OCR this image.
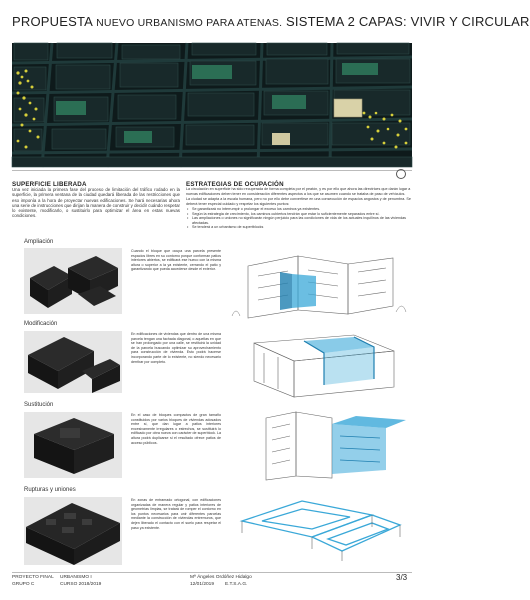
PROPUESTA NUEVO URBANISMO PARA ATENAS. SISTEMA 2 CAPAS: VIVIR Y CIRCULAR
SUPERFICIE LIBERADA
Una vez iniciada la primera fase del proceso de limitación del tráfico rodado en la superficie, la primera ventana de la ciudad quedará liberada de las restricciones que eso imponía a la hora de proyectar nuevas edificaciones. Se hará necesarias ahora una serie de instrucciones que dirijan la manera de construir y decidir cuándo respetar lo existente, modificarlo, o sustituirlo para optimizar el área en estas nuevas condiciones.
ESTRATEGIAS DE OCUPACIÓN

La circulación en superficie ha sido recuperada de forma completa por el peatón, y es por ello que ahora las directrices que darán lugar a nuevas edificaciones deben tener en consideración diferentes aspectos a los que se asumen cuando se trataba de paso de vehículos.

La ciudad se adapta a la escala humana, pero no por ello debe convertirse en una consecución de espacios angostos y de penumbra. Se deberá tener especial cuidado y respetar los siguientes puntos:

• Se garantizará no interrumpir o prolongar el exceso los caminos ya existentes.
• Según la estrategia de crecimiento, los caminos cubiertos tendrán que estar lo suficientemente separados entre sí.
• Las ampliaciones o uniones no significarán ningún perjuicio para las condiciones de vida de los actuales inquilinos de las viviendas afectadas.
• Se tenderá a un urbanismo de supertblocks
Ampliación
Cuando el bloque que ocupa una parcela presente espacios libres en su contorno porque conforman patios interiores abiertos, se edificará ese hueco con la misma altura o superior a la ya existente, cerrando el patio y garantizando que pueda accederse desde el exterior.
Modificación
En edificaciones de viviendas que dentro de una misma parcela tengan una fachada diagonal, o aquellas en que se han prolongado por una calle, se restituirá la unidad de la parcela buscando optimizar su aprovechamiento para construcción de vivienda. Esto podrá hacerse incorporando parte de lo existente, no siendo necesario derribar por completo.
Sustitución
En el caso de bloques compactos de gran tamaño constituidos por varios bloques de viviendas adosados entre sí, que dan lugar a patios interiores excesivamente irregulares o estrechos, se sustituirá lo edificado por obra nueva con carácter de superblock. La altura podrá duplicarse si el resultado ofrece patios de acceso públicos.
Rupturas y uniones
En zonas de entramado ortogonal, con edificaciones organizadas de manera regular y patios interiores de geometrías limpias, se tratará de romper el contorno en los puntos necesarios para unir diferentes parcelas mediante la construcción de viviendas entremuros, que dejen liberado el contacto con el suelo para respetar el paso ya existente.
PROYECTO FINAL
GRUPO C
URBANISMO I
CURSO 2018/2019
Mª Ángeles Ordóñez Hidalgo
12/01/2019 E.T.S.A.G.
3/3
